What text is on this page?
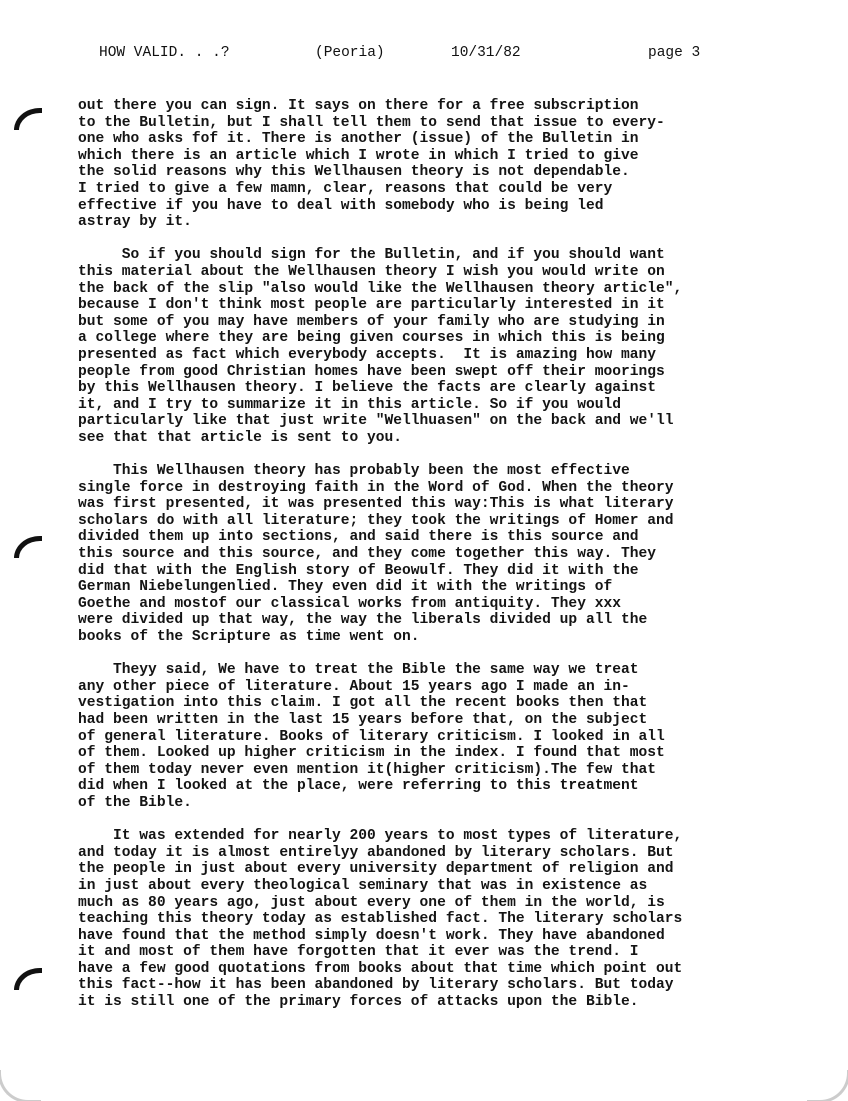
HOW VALID. . .?	(Peoria)	10/31/82	page 3

out there you can sign. It says on there for a free subscription
to the Bulletin, but I shall tell them to send that issue to every-
one who asks fof it. There is another (issue) of the Bulletin in
which there is an article which I wrote in which I tried to give
the solid reasons why this Wellhausen theory is not dependable.
I tried to give a few mamn, clear, reasons that could be very
effective if you have to deal with somebody who is being led
astray by it.

So if you should sign for the Bulletin, and if you should want
this material about the Wellhausen theory I wish you would write on
the back of the slip "also would like the Wellhausen theory article",
because I don't think most people are particularly interested in it
but some of you may have members of your family who are studying in
a college where they are being given courses in which this is being
presented as fact which everybody accepts.  It is amazing how many
people from good Christian homes have been swept off their moorings
by this Wellhausen theory. I believe the facts are clearly against
it, and I try to summarize it in this article. So if you would
particularly like that just write "Wellhuasen" on the back and we'll
see that that article is sent to you.

This Wellhausen theory has probably been the most effective
single force in destroying faith in the Word of God. When the theory
was first presented, it was presented this way:This is what literary
scholars do with all literature; they took the writings of Homer and
divided them up into sections, and said there is this source and
this source and this source, and they come together this way. They
did that with the English story of Beowulf. They did it with the
German Niebelungenlied. They even did it with the writings of
Goethe and mostof our classical works from antiquity. They xxx
were divided up that way, the way the liberals divided up all the
books of the Scripture as time went on.

Theyy said, We have to treat the Bible the same way we treat
any other piece of literature. About 15 years ago I made an in-
vestigation into this claim. I got all the recent books then that
had been written in the last 15 years before that, on the subject
of general literature. Books of literary criticism. I looked in all
of them. Looked up higher criticism in the index. I found that most
of them today never even mention it(higher criticism).The few that
did when I looked at the place, were referring to this treatment
of the Bible.

It was extended for nearly 200 years to most types of literature,
and today it is almost entirelyy abandoned by literary scholars. But
the people in just about every university department of religion and
in just about every theological seminary that was in existence as
much as 80 years ago, just about every one of them in the world, is
teaching this theory today as established fact. The literary scholars
have found that the method simply doesn't work. They have abandoned
it and most of them have forgotten that it ever was the trend. I
have a few good quotations from books about that time which point out
this fact--how it has been abandoned by literary scholars. But today
it is still one of the primary forces of attacks upon the Bible.
